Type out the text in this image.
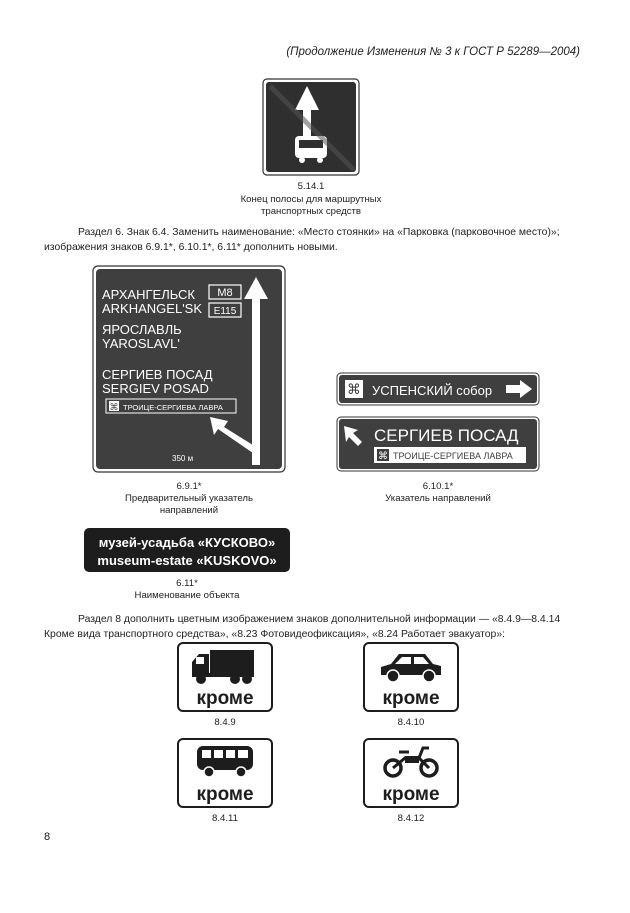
(Продолжение Изменения № 3 к ГОСТ Р 52289—2004)
5.14.1
Конец полосы для маршрутных
транспортных средств
Раздел 6. Знак 6.4. Заменить наименование: «Место стоянки» на «Парковка (парковочное место)»;
изображения знаков 6.9.1*, 6.10.1*, 6.11* дополнить новыми.
АРХАНГЕЛЬСК
ARKHANGEL'SK
М8
E115
ЯРОСЛАВЛЬ
YAROSLAVL'
СЕРГИЕВ ПОСАД
SERGIEV POSAD
⌘ ТРОИЦЕ-СЕРГИЕВА ЛАВРА
350 м
6.9.1*
Предварительный указатель
направлений
⌘ УСПЕНСКИЙ собор
СЕРГИЕВ ПОСАД
⌘ ТРОИЦЕ-СЕРГИЕВА ЛАВРА
6.10.1*
Указатель направлений
музей-усадьба «КУСКОВО»
museum-estate «KUSKOVO»
6.11*
Наименование объекта
Раздел 8 дополнить цветным изображением знаков дополнительной информации — «8.4.9—8.4.14
Кроме вида транспортного средства», «8.23 Фотовидеофиксация», «8.24 Работает эвакуатор»:
кроме
8.4.9
кроме
8.4.10
кроме
8.4.11
кроме
8.4.12
8
